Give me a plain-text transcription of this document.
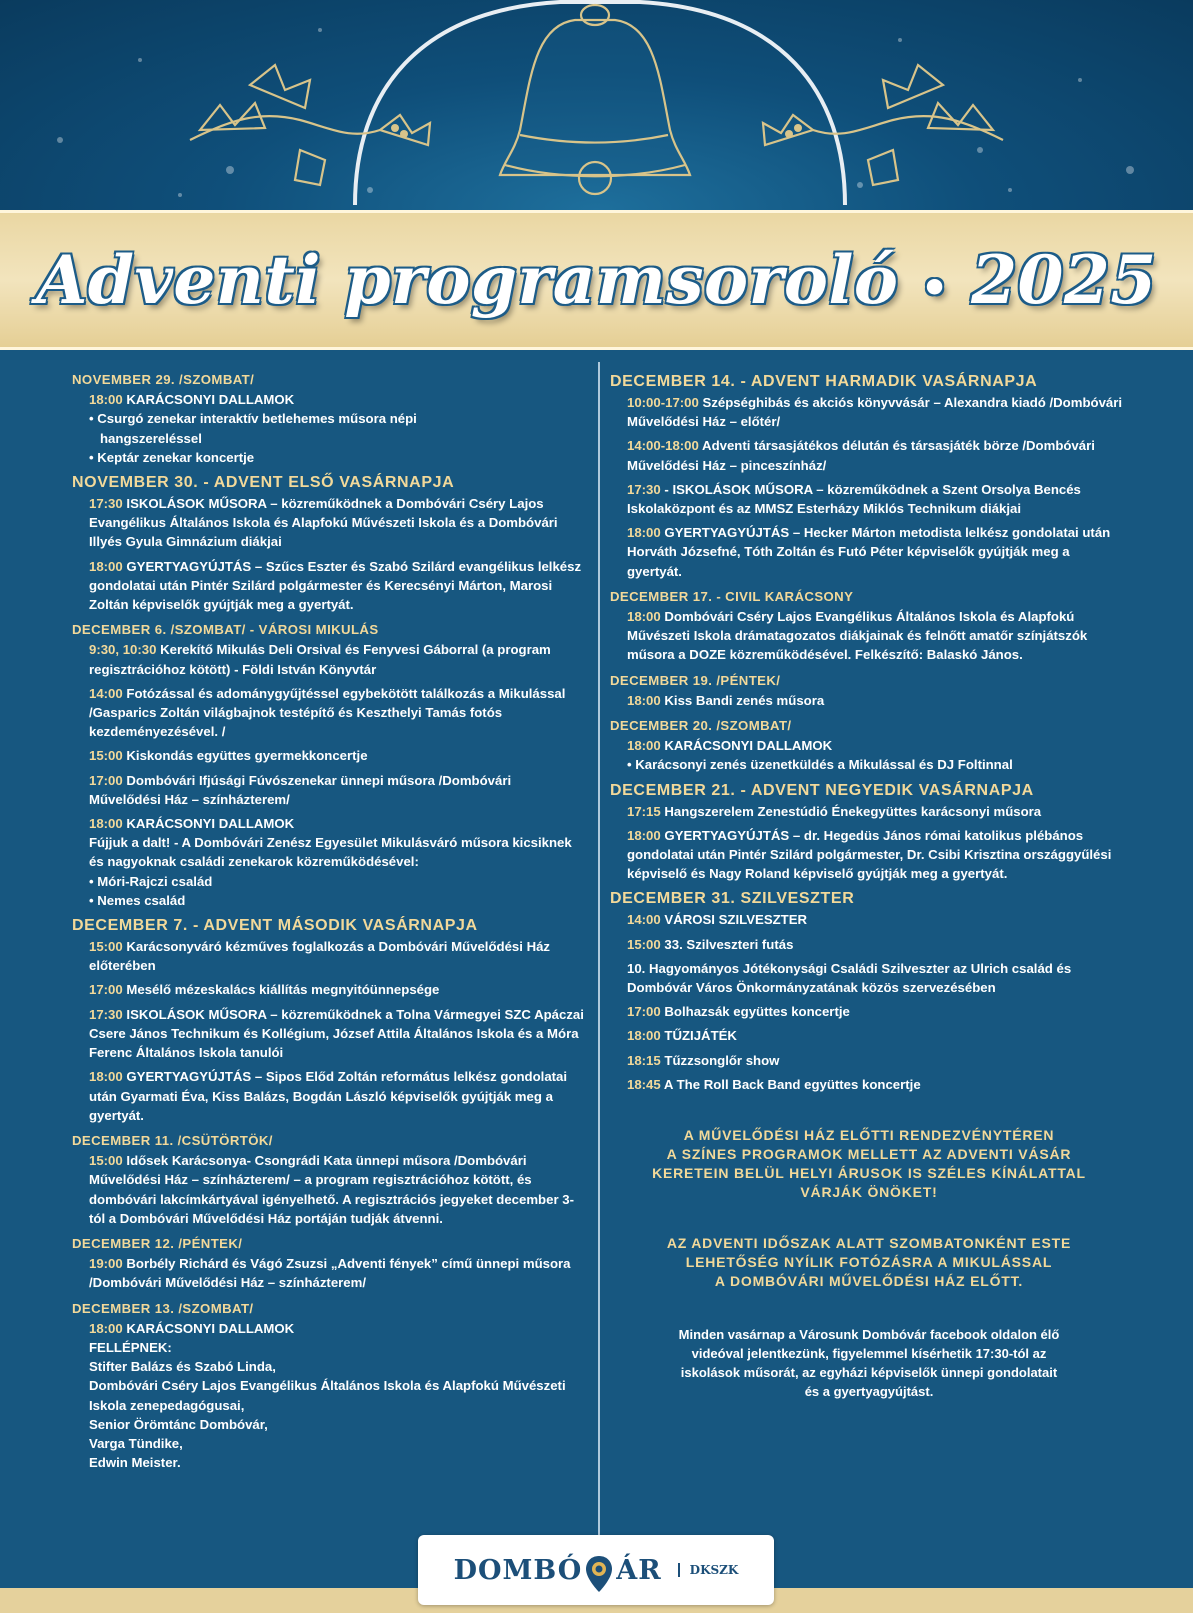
Adventi programsoroló • 2025
NOVEMBER 29. /SZOMBAT/

18:00 KARÁCSONYI DALLAMOK

• Csurgó zenekar interaktív betlehemes műsora népi

hangszereléssel

• Keptár zenekar koncertje

NOVEMBER 30. - ADVENT ELSŐ VASÁRNAPJA

17:30 ISKOLÁSOK MŰSORA – közreműködnek a Dombóvári Cséry Lajos Evangélikus Általános Iskola és Alapfokú Művészeti Iskola és a Dombóvári Illyés Gyula Gimnázium diákjai

18:00 GYERTYAGYÚJTÁS – Szűcs Eszter és Szabó Szilárd evangélikus lelkész gondolatai után Pintér Szilárd polgármester és Kerecsényi Márton, Marosi Zoltán képviselők gyújtják meg a gyertyát.

DECEMBER 6. /SZOMBAT/ - VÁROSI MIKULÁS

9:30, 10:30 Kerekítő Mikulás Deli Orsival és Fenyvesi Gáborral (a program regisztrációhoz kötött) - Földi István Könyvtár

14:00 Fotózással és adománygyűjtéssel egybekötött találkozás a Mikulással /Gasparics Zoltán világbajnok testépítő és Keszthelyi Tamás fotós kezdeményezésével. /

15:00 Kiskondás együttes gyermekkoncertje

17:00 Dombóvári Ifjúsági Fúvószenekar ünnepi műsora /Dombóvári Művelődési Ház – színházterem/

18:00 KARÁCSONYI DALLAMOK

Fújjuk a dalt! - A Dombóvári Zenész Egyesület Mikulásváró műsora kicsiknek és nagyoknak családi zenekarok közreműködésével:

• Móri-Rajczi család

• Nemes család

DECEMBER 7. - ADVENT MÁSODIK VASÁRNAPJA

15:00 Karácsonyváró kézműves foglalkozás a Dombóvári Művelődési Ház előterében

17:00 Mesélő mézeskalács kiállítás megnyitóünnepsége

17:30 ISKOLÁSOK MŰSORA – közreműködnek a Tolna Vármegyei SZC Apáczai Csere János Technikum és Kollégium, József Attila Általános Iskola és a Móra Ferenc Általános Iskola tanulói

18:00 GYERTYAGYÚJTÁS – Sipos Előd Zoltán református lelkész gondolatai után Gyarmati Éva, Kiss Balázs, Bogdán László képviselők gyújtják meg a gyertyát.

DECEMBER 11. /CSÜTÖRTÖK/

15:00 Idősek Karácsonya- Csongrádi Kata ünnepi műsora /Dombóvári Művelődési Ház – színházterem/ – a program regisztrációhoz kötött, és dombóvári lakcímkártyával igényelhető. A regisztrációs jegyeket december 3-tól a Dombóvári Művelődési Ház portáján tudják átvenni.

DECEMBER 12. /PÉNTEK/

19:00 Borbély Richárd és Vágó Zsuzsi „Adventi fények” című ünnepi műsora /Dombóvári Művelődési Ház – színházterem/

DECEMBER 13. /SZOMBAT/

18:00 KARÁCSONYI DALLAMOK

FELLÉPNEK:

Stifter Balázs és Szabó Linda,

Dombóvári Cséry Lajos Evangélikus Általános Iskola és Alapfokú Művészeti Iskola zenepedagógusai,

Senior Örömtánc Dombóvár,

Varga Tündike,

Edwin Meister.

DECEMBER 14. - ADVENT HARMADIK VASÁRNAPJA

10:00-17:00 Szépséghibás és akciós könyvvásár – Alexandra kiadó /Dombóvári Művelődési Ház – előtér/

14:00-18:00 Adventi társasjátékos délután és társasjáték börze /Dombóvári Művelődési Ház – pinceszínház/

17:30 - ISKOLÁSOK MŰSORA – közreműködnek a Szent Orsolya Bencés Iskolaközpont és az MMSZ Esterházy Miklós Technikum diákjai

18:00 GYERTYAGYÚJTÁS – Hecker Márton metodista lelkész gondolatai után Horváth Józsefné, Tóth Zoltán és Futó Péter képviselők gyújtják meg a gyertyát.

DECEMBER 17. - CIVIL KARÁCSONY

18:00 Dombóvári Cséry Lajos Evangélikus Általános Iskola és Alapfokú Művészeti Iskola drámatagozatos diákjainak és felnőtt amatőr színjátszók műsora a DOZE közreműködésével. Felkészítő: Balaskó János.

DECEMBER 19. /PÉNTEK/

18:00 Kiss Bandi zenés műsora

DECEMBER 20. /SZOMBAT/

18:00 KARÁCSONYI DALLAMOK

• Karácsonyi zenés üzenetküldés a Mikulással és DJ Foltinnal

DECEMBER 21. - ADVENT NEGYEDIK VASÁRNAPJA

17:15 Hangszerelem Zenestúdió Énekegyüttes karácsonyi műsora

18:00 GYERTYAGYÚJTÁS – dr. Hegedüs János római katolikus plébános gondolatai után Pintér Szilárd polgármester, Dr. Csibi Krisztina országgyűlési képviselő és Nagy Roland képviselő gyújtják meg a gyertyát.

DECEMBER 31. SZILVESZTER

14:00 VÁROSI SZILVESZTER

15:00 33. Szilveszteri futás

10. Hagyományos Jótékonysági Családi Szilveszter az Ulrich család és Dombóvár Város Önkormányzatának közös szervezésében

17:00 Bolhazsák együttes koncertje

18:00 TŰZIJÁTÉK

18:15 Tűzzsonglőr show

18:45 A The Roll Back Band együttes koncertje

A MŰVELŐDÉSI HÁZ ELŐTTI RENDEZVÉNYTÉREN

A SZÍNES PROGRAMOK MELLETT AZ ADVENTI VÁSÁR

KERETEIN BELÜL HELYI ÁRUSOK IS SZÉLES KÍNÁLATTAL

VÁRJÁK ÖNÖKET!

AZ ADVENTI IDŐSZAK ALATT SZOMBATONKÉNT ESTE

LEHETŐSÉG NYÍLIK FOTÓZÁSRA A MIKULÁSSAL

A DOMBÓVÁRI MŰVELŐDÉSI HÁZ ELŐTT.

Minden vasárnap a Városunk Dombóvár facebook oldalon élő

videóval jelentkezünk, figyelemmel kísérhetik 17:30-tól az

iskolások műsorát, az egyházi képviselők ünnepi gondolatait

és a gyertyagyújtást.

DOMBÓ ÁR	DKSZK
